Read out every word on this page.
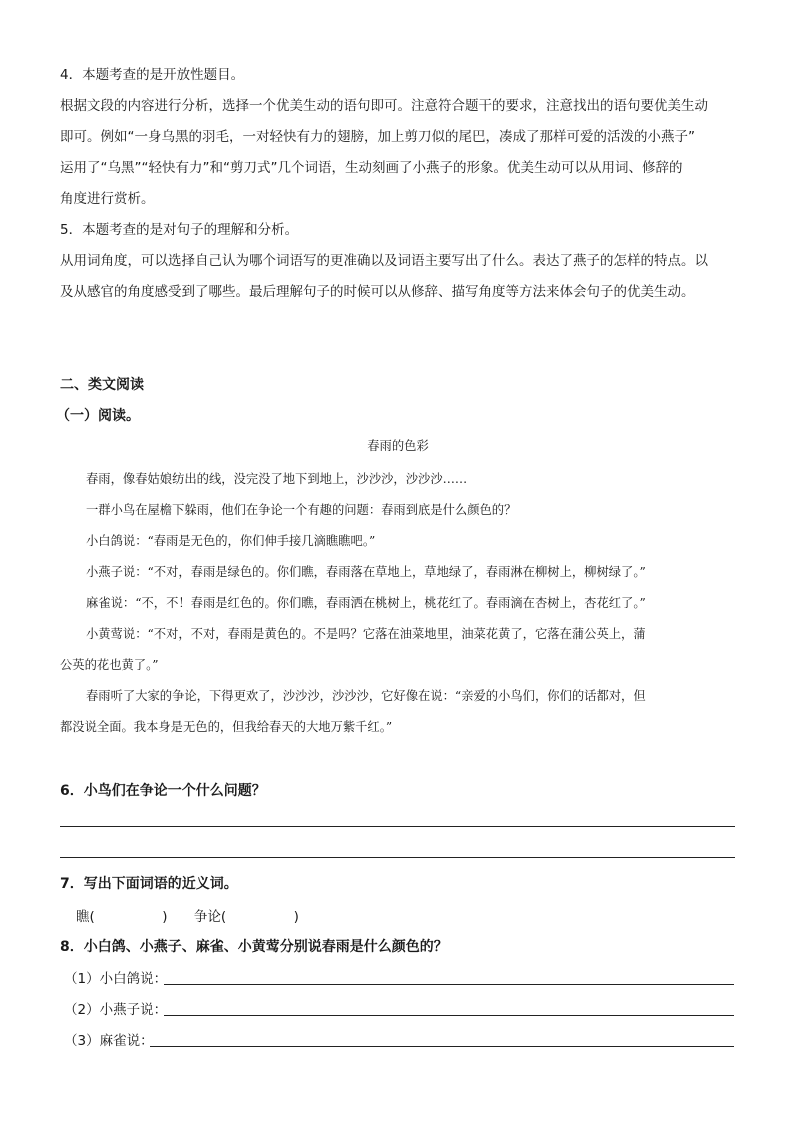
4．本题考查的是开放性题目。
根据文段的内容进行分析，选择一个优美生动的语句即可。注意符合题干的要求，注意找出的语句要优美生动
即可。例如“一身乌黑的羽毛，一对轻快有力的翅膀，加上剪刀似的尾巴，凑成了那样可爱的活泼的小燕子”
运用了“乌黑”“轻快有力”和“剪刀式”几个词语，生动刻画了小燕子的形象。优美生动可以从用词、修辞的
角度进行赏析。
5．本题考查的是对句子的理解和分析。
从用词角度，可以选择自己认为哪个词语写的更准确以及词语主要写出了什么。表达了燕子的怎样的特点。以
及从感官的角度感受到了哪些。最后理解句子的时候可以从修辞、描写角度等方法来体会句子的优美生动。
二、类文阅读
（一）阅读。
春雨的色彩
春雨，像春姑娘纺出的线，没完没了地下到地上，沙沙沙，沙沙沙……
一群小鸟在屋檐下躲雨，他们在争论一个有趣的问题：春雨到底是什么颜色的？
小白鸽说：“春雨是无色的，你们伸手接几滴瞧瞧吧。”
小燕子说：“不对，春雨是绿色的。你们瞧，春雨落在草地上，草地绿了，春雨淋在柳树上，柳树绿了。”
麻雀说：“不，不！春雨是红色的。你们瞧，春雨洒在桃树上，桃花红了。春雨滴在杏树上，杏花红了。”
小黄莺说：“不对，不对，春雨是黄色的。不是吗？它落在油菜地里，油菜花黄了，它落在蒲公英上，蒲
公英的花也黄了。”
春雨听了大家的争论，下得更欢了，沙沙沙，沙沙沙，它好像在说：“亲爱的小鸟们，你们的话都对，但
都没说全面。我本身是无色的，但我给春天的大地万紫千红。”
6．小鸟们在争论一个什么问题？
7．写出下面词语的近义词。
瞧(　　　　　) 争论(　　　　　)
8．小白鸽、小燕子、麻雀、小黄莺分别说春雨是什么颜色的？
（1）小白鸽说：
（2）小燕子说：
（3）麻雀说：
